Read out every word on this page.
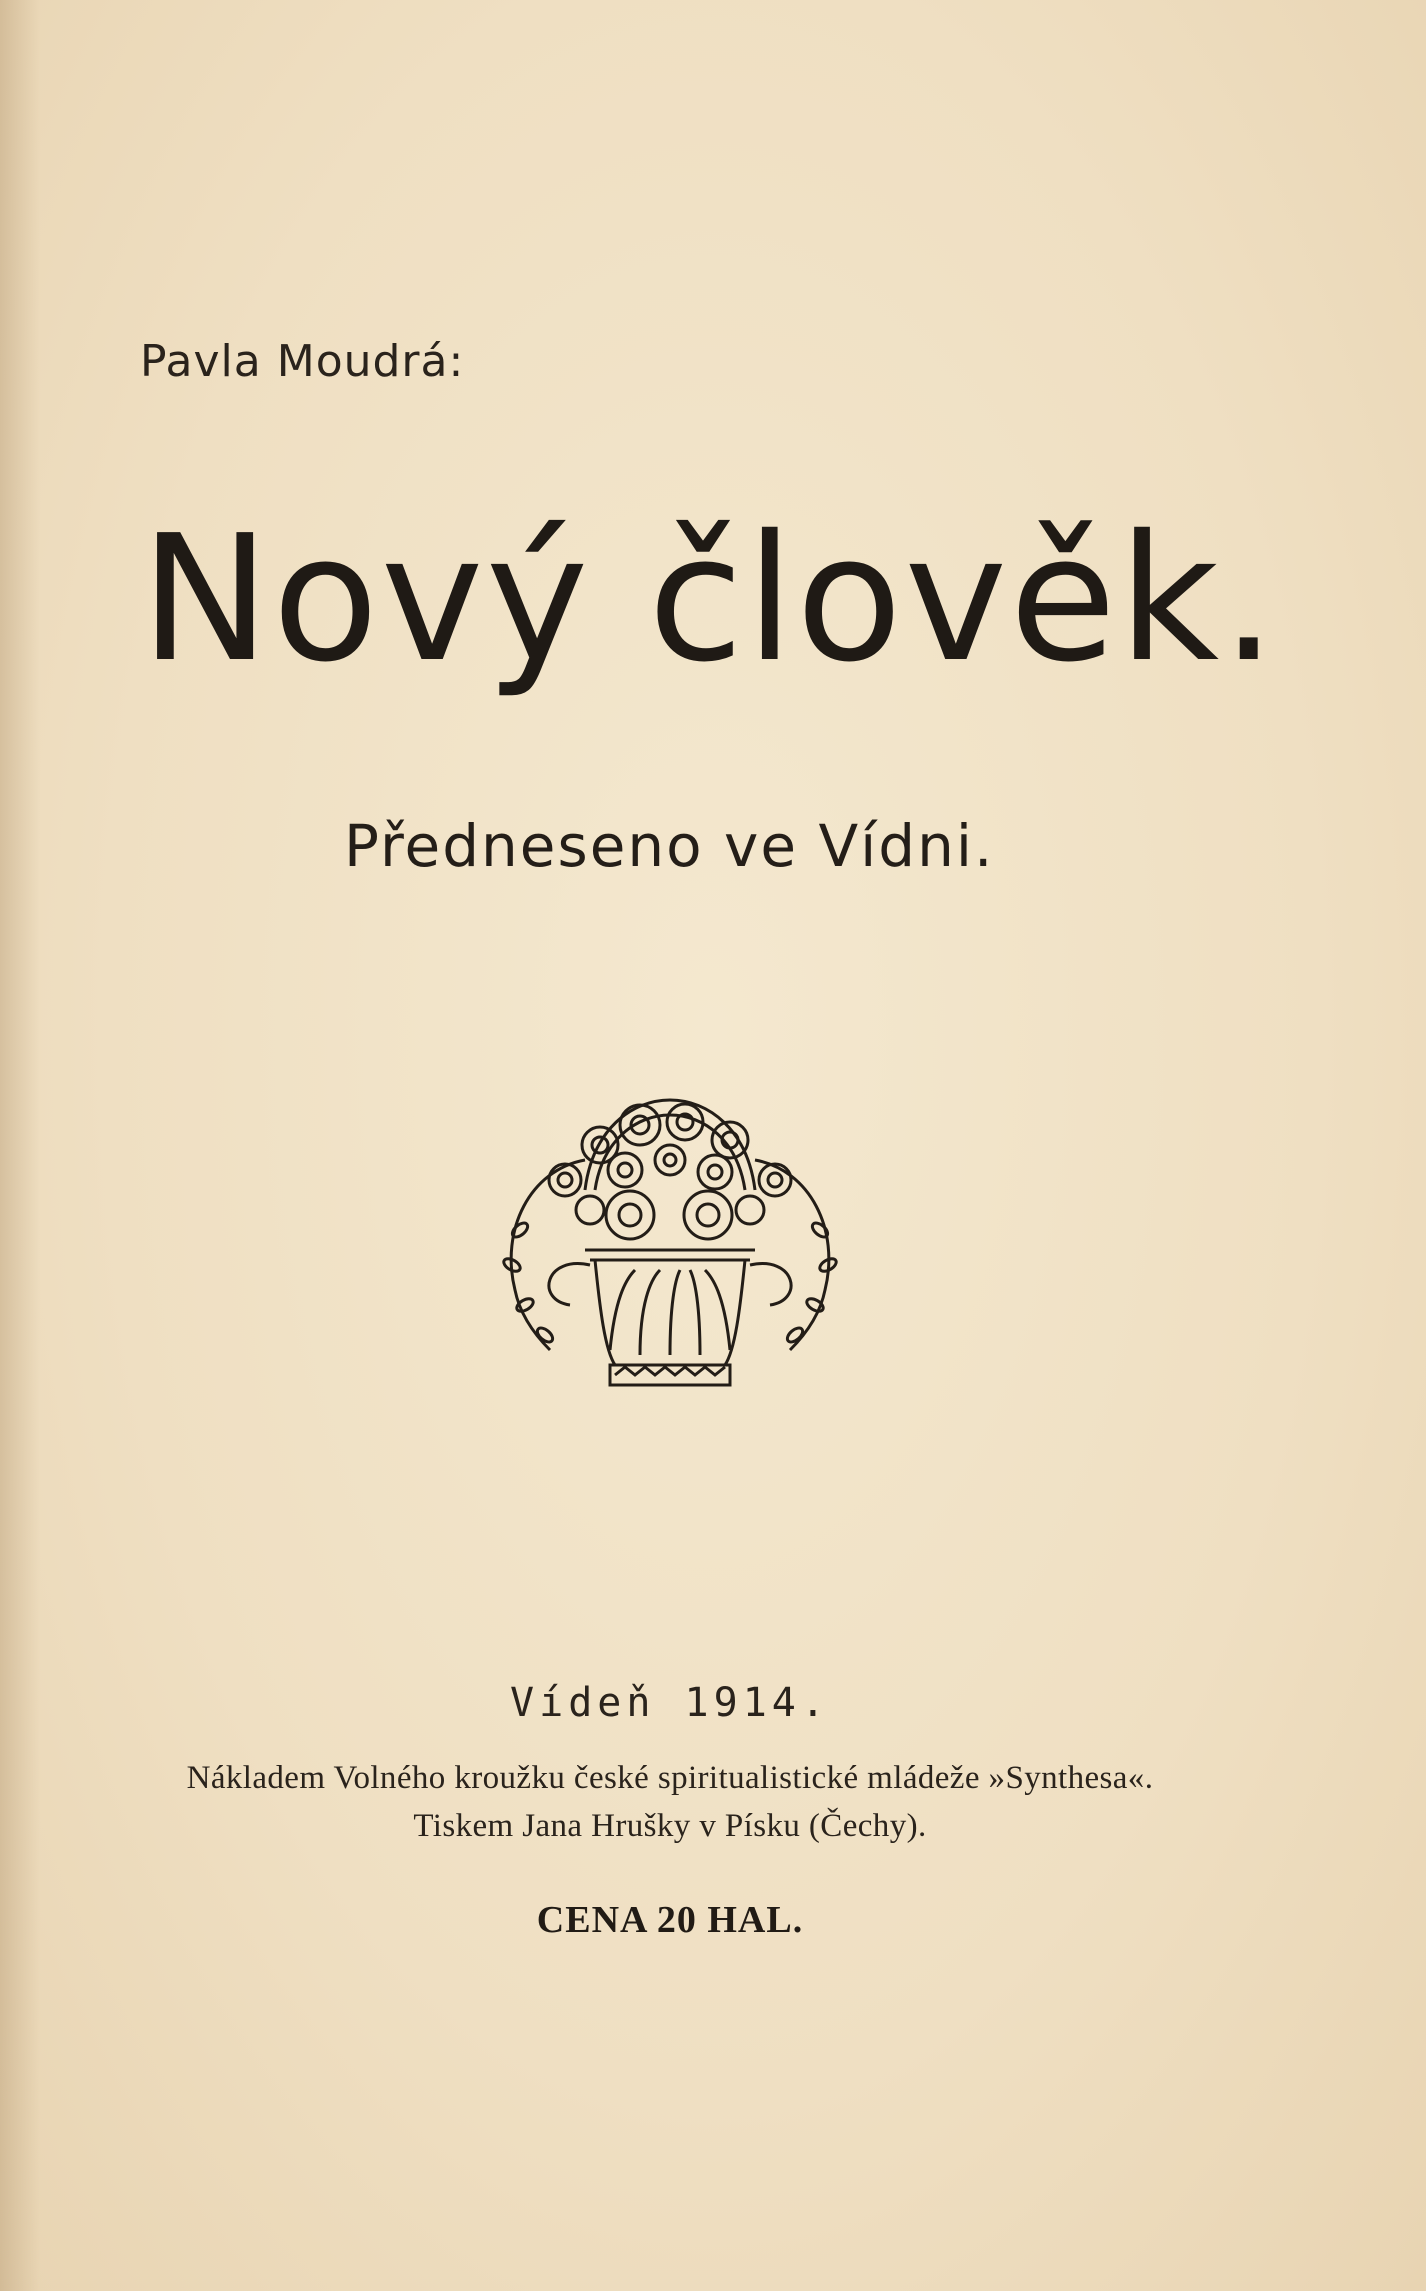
Pavla Moudrá:
Nový člověk.
Předneseno ve Vídni.
Vídeň 1914.
Nákladem Volného kroužku české spiritualistické mládeže »Synthesa«.
Tiskem Jana Hrušky v Písku (Čechy).
CENA 20 HAL.
